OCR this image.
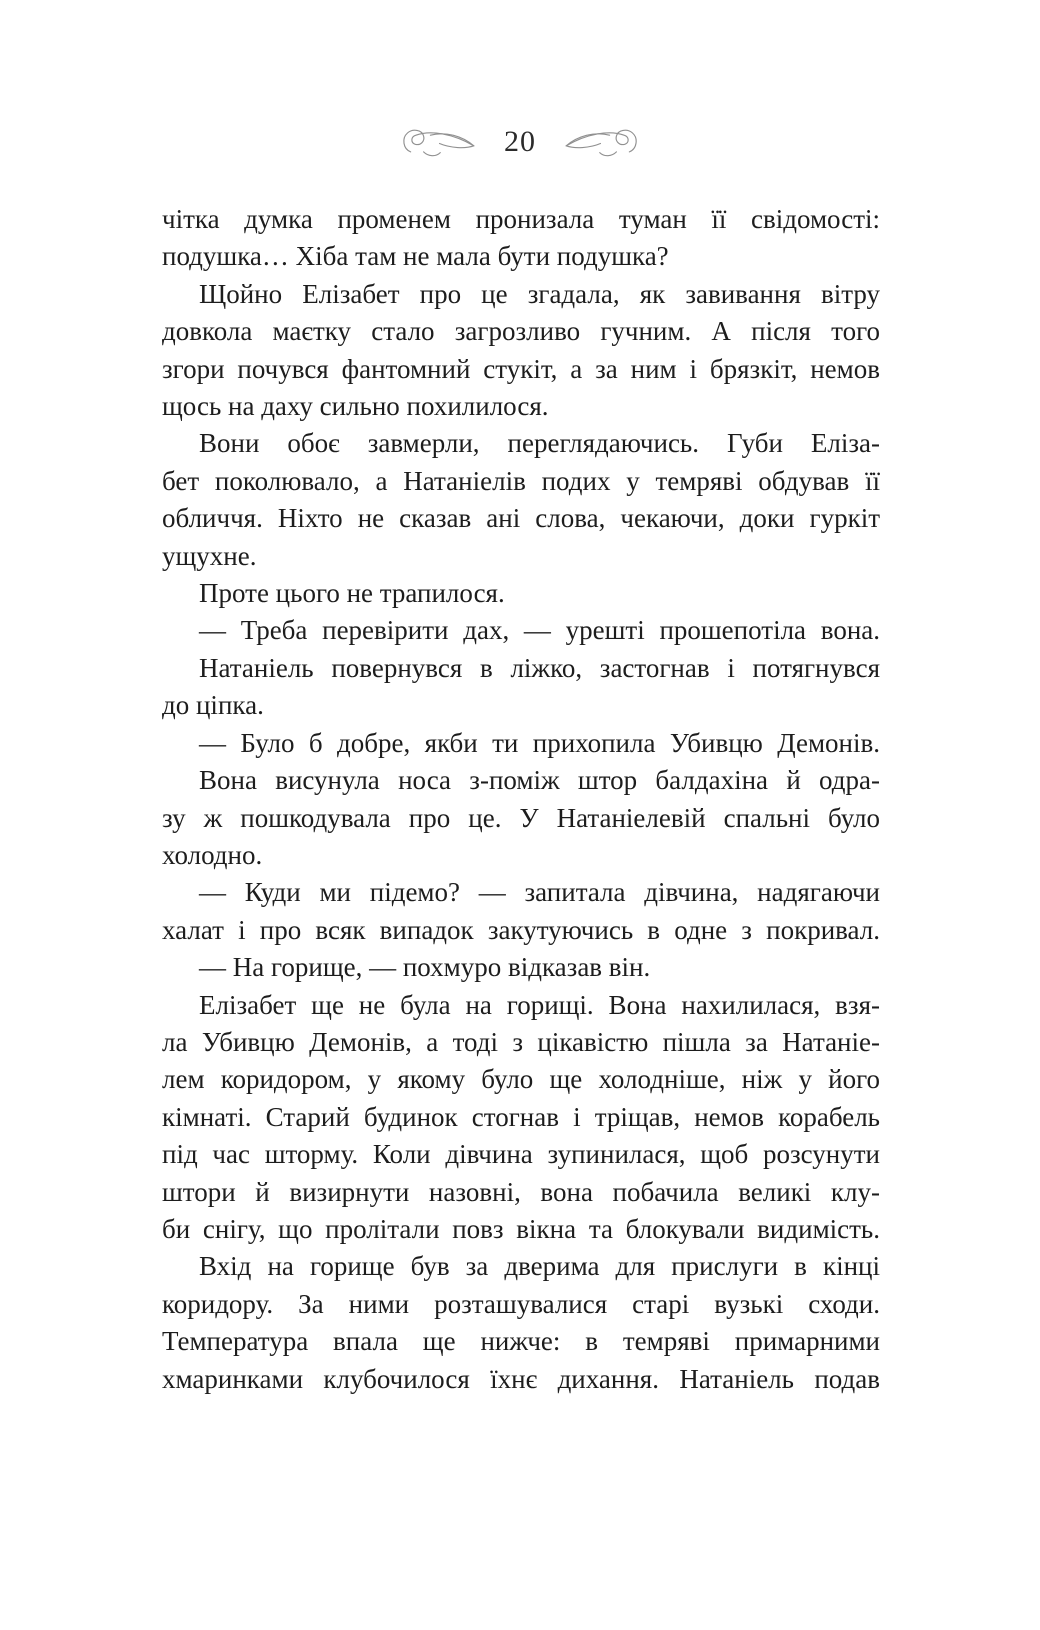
20
чітка думка променем пронизала туман її свідомості:
подушка… Хіба там не мала бути подушка?
Щойно Елізабет про це згадала, як завивання вітру
довкола маєтку стало загрозливо гучним. А після того
згори почувся фантомний стукіт, а за ним і брязкіт, немов
щось на даху сильно похилилося.
Вони обоє завмерли, переглядаючись. Губи Еліза-
бет поколювало, а Натаніелів подих у темряві обдував її
обличчя. Ніхто не сказав ані слова, чекаючи, доки гуркіт
ущухне.
Проте цього не трапилося.
— Треба перевірити дах, — урешті прошепотіла вона.
Натаніель повернувся в ліжко, застогнав і потягнувся
до ціпка.
— Було б добре, якби ти прихопила Убивцю Демонів.
Вона висунула носа з-поміж штор балдахіна й одра-
зу ж пошкодувала про це. У Натаніелевій спальні було
холодно.
— Куди ми підемо? — запитала дівчина, надягаючи
халат і про всяк випадок закутуючись в одне з покривал.
— На горище, — похмуро відказав він.
Елізабет ще не була на горищі. Вона нахилилася, взя-
ла Убивцю Демонів, а тоді з цікавістю пішла за Натаніе-
лем коридором, у якому було ще холодніше, ніж у його
кімнаті. Старий будинок стогнав і тріщав, немов корабель
під час шторму. Коли дівчина зупинилася, щоб розсунути
штори й визирнути назовні, вона побачила великі клу-
би снігу, що пролітали повз вікна та блокували видимість.
Вхід на горище був за дверима для прислуги в кінці
коридору. За ними розташувалися старі вузькі сходи.
Температура впала ще нижче: в темряві примарними
хмаринками клубочилося їхнє дихання. Натаніель подав
